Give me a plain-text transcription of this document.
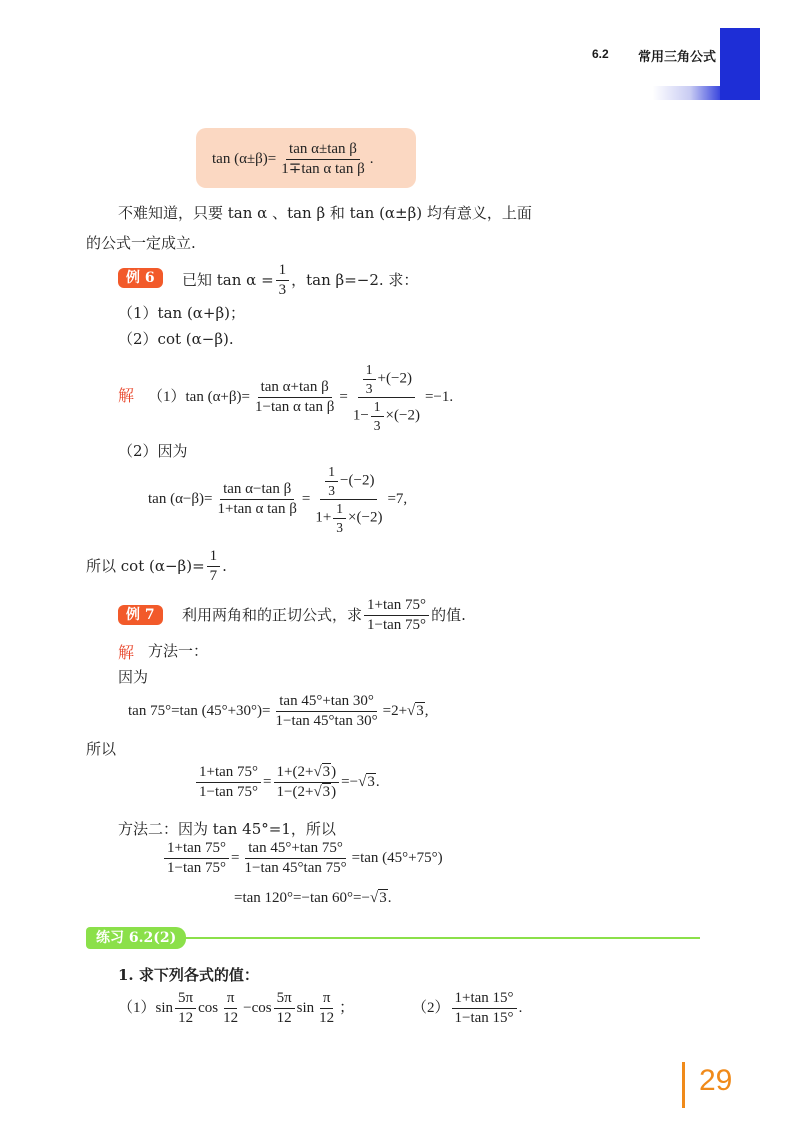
6.2 常用三角公式
$\tan (\alpha\pm\beta)= \frac{\text{tan α±tan β}}{\text{1∓tan α tan β}}$ .
不难知道，只要 tan α 、tan β 和 tan (α±β) 均有意义，上面
的公式一定成立.
例 6	已知 $\tan \alpha = \frac{1}{3}$ ，tan β=−2. 求：
（1）tan (α+β)；
（2）cot (α−β).
解 （1）tan $(\alpha+\beta)= \frac{\text{tan α+tan β}}{\text{1−tan α tan β}} = \frac{\frac{1}{3} +(-2)}{1- \frac{1}{3} \times(-2)} =-1$.
（2）因为
$\tan (\alpha-\beta)= \frac{\text{tan α−tan β}}{\text{1+tan α tan β}} = \frac{\frac{1}{3} -(-2)}{1+ \frac{1}{3} \times(-2)} =7$,
所以 $\cot (\alpha-\beta)= \frac{1}{7}$ .
例 7	利用两角和的正切公式，求 $\frac{1+\tan 75^\circ}{1-\tan 75^\circ}$ 的值.
解 方法一：
因为
tan 75°=tan $(45^\circ+30^\circ)= \frac{\tan 45^\circ+\tan 30^\circ}{1-\tan 45^\circ\tan 30^\circ} =2+√3$,
所以
$\frac{1+\tan 75^\circ}{1-\tan 75^\circ} = \frac{1+(2+√3)}{1-(2+√3)} =-√3$.
方法二：因为 tan 45°=1，所以
$\frac{1+\tan 75^\circ}{1-\tan 75^\circ} = \frac{\tan 45^\circ+\tan 75^\circ}{1-\tan 45^\circ\tan 75^\circ} =\tan$ (45°+75°)
=tan 120°=−tan 60°=−√3.
练习 6.2(2)
1. 求下列各式的值：
$(1)\sin \frac{5\pi}{12}$ $\cos \frac{\pi}{12} -\cos \frac{5\pi}{12}$ $\sin \frac{\pi}{12}$ ；	$(2) \frac{1+\tan 15^\circ}{1-\tan 15^\circ}$ .
29
